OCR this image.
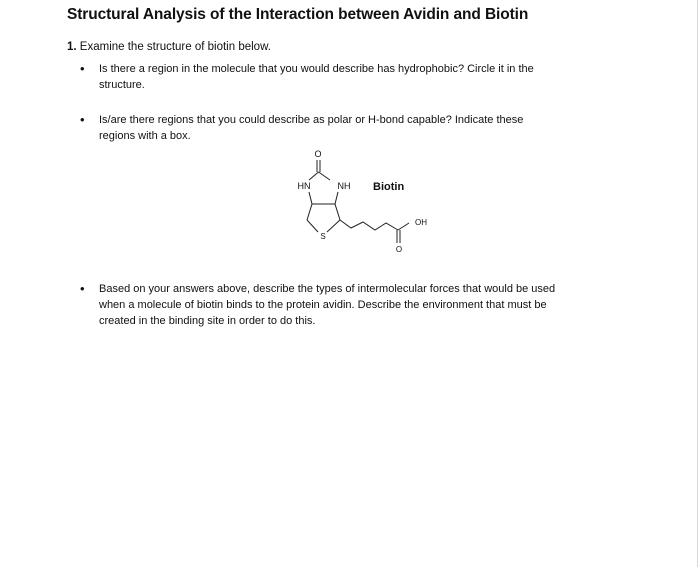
Structural Analysis of the Interaction between Avidin and Biotin
1. Examine the structure of biotin below.
• Is there a region in the molecule that you would describe has hydrophobic? Circle it in the
structure.
• Is/are there regions that you could describe as polar or H-bond capable? Indicate these
regions with a box.
O
HN	NH
S
OH
O
Biotin
• Based on your answers above, describe the types of intermolecular forces that would be used
when a molecule of biotin binds to the protein avidin. Describe the environment that must be
created in the binding site in order to do this.
